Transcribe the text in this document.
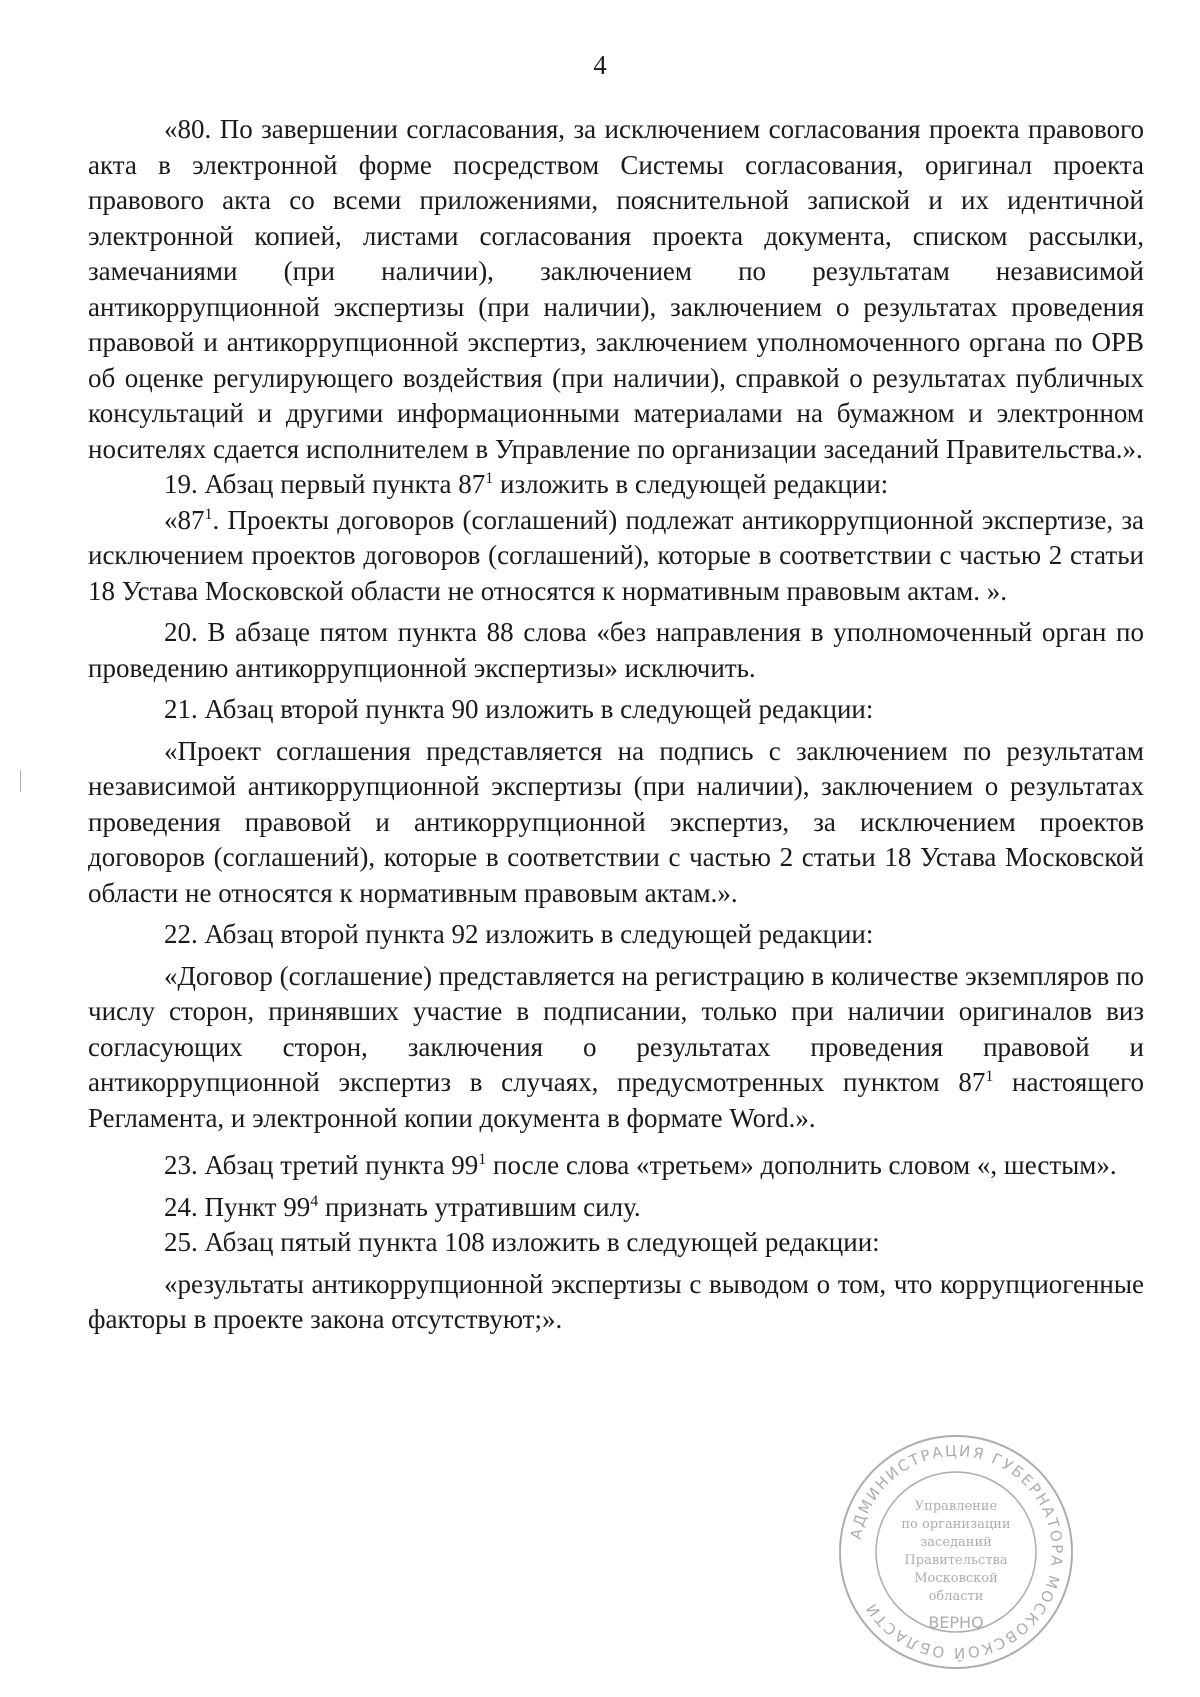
4

«80. По завершении согласования, за исключением согласования проекта правового акта в электронной форме посредством Системы согласования, оригинал проекта правового акта со всеми приложениями, пояснительной запиской и их идентичной электронной копией, листами согласования проекта документа, списком рассылки, замечаниями (при наличии), заключением по результатам независимой антикоррупционной экспертизы (при наличии), заключением о результатах проведения правовой и антикоррупционной экспертиз, заключением уполномоченного органа по ОРВ об оценке регулирующего воздействия (при наличии), справкой о результатах публичных консультаций и другими информационными материалами на бумажном и электронном носителях сдается исполнителем в Управление по организации заседаний Правительства.».

19. Абзац первый пункта $87^1$ изложить в следующей редакции:

«$87^1$. Проекты договоров (соглашений) подлежат антикоррупционной экспертизе, за исключением проектов договоров (соглашений), которые в соответствии с частью 2 статьи 18 Устава Московской области не относятся к нормативным правовым актам. ».

20. В абзаце пятом пункта 88 слова «без направления в уполномоченный орган по проведению антикоррупционной экспертизы» исключить.

21. Абзац второй пункта 90 изложить в следующей редакции:

«Проект соглашения представляется на подпись с заключением по результатам независимой антикоррупционной экспертизы (при наличии), заключением о результатах проведения правовой и антикоррупционной экспертиз, за исключением проектов договоров (соглашений), которые в соответствии с частью 2 статьи 18 Устава Московской области не относятся к нормативным правовым актам.».

22. Абзац второй пункта 92 изложить в следующей редакции:

«Договор (соглашение) представляется на регистрацию в количестве экземпляров по числу сторон, принявших участие в подписании, только при наличии оригиналов виз согласующих сторон, заключения о результатах проведения правовой и антикоррупционной экспертиз в случаях, предусмотренных пунктом $87^1$ настоящего Регламента, и электронной копии документа в формате Word.».

23. Абзац третий пункта $99^1$ после слова «третьем» дополнить словом «, шестым».

24. Пункт $99^4$ признать утратившим силу.

25. Абзац пятый пункта 108 изложить в следующей редакции:

«результаты антикоррупционной экспертизы с выводом о том, что коррупциогенные факторы в проекте закона отсутствуют;».

АДМИНИСТРАЦИЯ ГУБЕРНАТОРА МОСКОВСКОЙ ОБЛАСТИ
Управление
по организации
заседаний
Правительства
Московской
области
ВЕРНО
